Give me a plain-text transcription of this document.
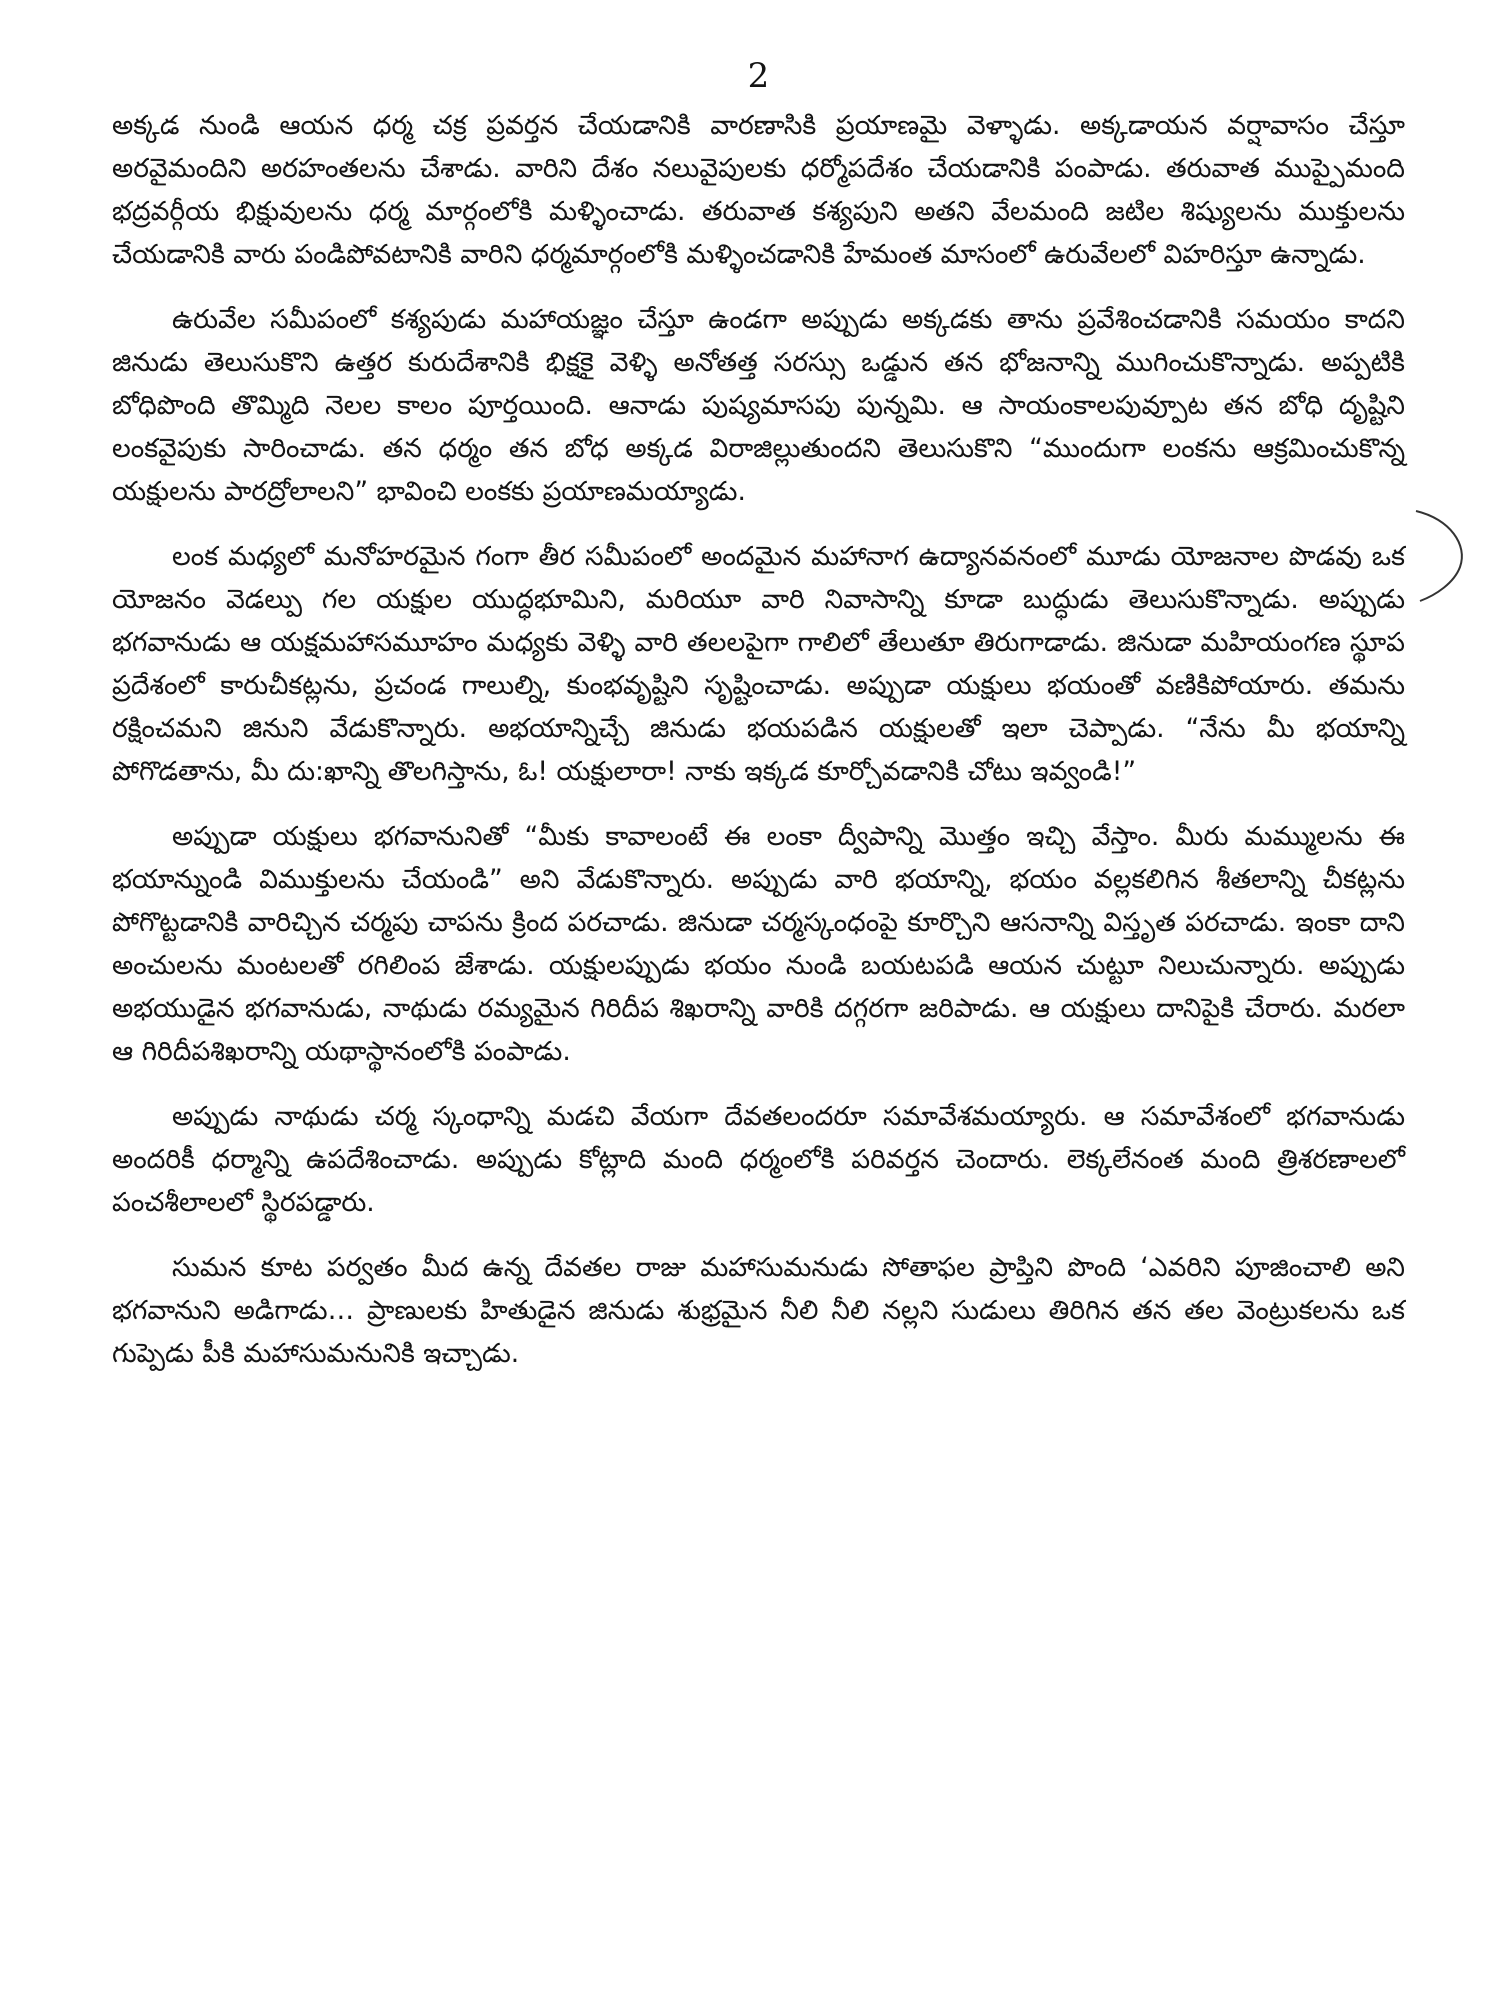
2

అక్కడ నుండి ఆయన ధర్మ చక్ర ప్రవర్తన చేయడానికి వారణాసికి ప్రయాణమై వెళ్ళాడు. అక్కడాయన వర్షావాసం చేస్తూ అరవైమందిని అరహంతలను చేశాడు. వారిని దేశం నలువైపులకు ధర్మోపదేశం చేయడానికి పంపాడు. తరువాత ముప్పైమంది భద్రవర్గీయ భిక్షువులను ధర్మ మార్గంలోకి మళ్ళించాడు. తరువాత కశ్యపుని అతని వేలమంది జటిల శిష్యులను ముక్తులను చేయడానికి వారు పండిపోవటానికి వారిని ధర్మమార్గంలోకి మళ్ళించడానికి హేమంత మాసంలో ఉరువేలలో విహరిస్తూ ఉన్నాడు.

ఉరువేల సమీపంలో కశ్యపుడు మహాయజ్ఞం చేస్తూ ఉండగా అప్పుడు అక్కడకు తాను ప్రవేశించడానికి సమయం కాదని జినుడు తెలుసుకొని ఉత్తర కురుదేశానికి భిక్షకై వెళ్ళి అనోతత్త సరస్సు ఒడ్డున తన భోజనాన్ని ముగించుకొన్నాడు. అప్పటికి బోధిపొంది తొమ్మిది నెలల కాలం పూర్తయింది. ఆనాడు పుష్యమాసపు పున్నమి. ఆ సాయంకాలపువ్పూట తన బోధి దృష్టిని లంకవైపుకు సారించాడు. తన ధర్మం తన బోధ అక్కడ విరాజిల్లుతుందని తెలుసుకొని “ముందుగా లంకను ఆక్రమించుకొన్న యక్షులను పారద్రోలాలని” భావించి లంకకు ప్రయాణమయ్యాడు.

లంక మధ్యలో మనోహరమైన గంగా తీర సమీపంలో అందమైన మహానాగ ఉద్యానవనంలో మూడు యోజనాల పొడవు ఒక యోజనం వెడల్పు గల యక్షుల యుద్ధభూమిని, మరియూ వారి నివాసాన్ని కూడా బుద్ధుడు తెలుసుకొన్నాడు. అప్పుడు భగవానుడు ఆ యక్షమహాసమూహం మధ్యకు వెళ్ళి వారి తలలపైగా గాలిలో తేలుతూ తిరుగాడాడు. జినుడా మహియంగణ స్థూప ప్రదేశంలో కారుచీకట్లను, ప్రచండ గాలుల్ని, కుంభవృష్టిని సృష్టించాడు. అప్పుడా యక్షులు భయంతో వణికిపోయారు. తమను రక్షించమని జినుని వేడుకొన్నారు. అభయాన్నిచ్చే జినుడు భయపడిన యక్షులతో ఇలా చెప్పాడు. “నేను మీ భయాన్ని పోగొడతాను, మీ దు:ఖాన్ని తొలగిస్తాను, ఓ! యక్షులారా! నాకు ఇక్కడ కూర్చోవడానికి చోటు ఇవ్వండి!”

అప్పుడా యక్షులు భగవానునితో “మీకు కావాలంటే ఈ లంకా ద్వీపాన్ని మొత్తం ఇచ్చి వేస్తాం. మీరు మమ్ములను ఈ భయాన్నుండి విముక్తులను చేయండి” అని వేడుకొన్నారు. అప్పుడు వారి భయాన్ని, భయం వల్లకలిగిన శీతలాన్ని చీకట్లను పోగొట్టడానికి వారిచ్చిన చర్మపు చాపను క్రింద పరచాడు. జినుడా చర్మస్కంధంపై కూర్చొని ఆసనాన్ని విస్తృత పరచాడు. ఇంకా దాని అంచులను మంటలతో రగిలింప జేశాడు. యక్షులప్పుడు భయం నుండి బయటపడి ఆయన చుట్టూ నిలుచున్నారు. అప్పుడు అభయుడైన భగవానుడు, నాథుడు రమ్యమైన గిరిదీప శిఖరాన్ని వారికి దగ్గరగా జరిపాడు. ఆ యక్షులు దానిపైకి చేరారు. మరలా ఆ గిరిదీపశిఖరాన్ని యథాస్థానంలోకి పంపాడు.

అప్పుడు నాథుడు చర్మ స్కంధాన్ని మడచి వేయగా దేవతలందరూ సమావేశమయ్యారు. ఆ సమావేశంలో భగవానుడు అందరికీ ధర్మాన్ని ఉపదేశించాడు. అప్పుడు కోట్లాది మంది ధర్మంలోకి పరివర్తన చెందారు. లెక్కలేనంత మంది త్రిశరణాలలో పంచశీలాలలో స్థిరపడ్డారు.

సుమన కూట పర్వతం మీద ఉన్న దేవతల రాజు మహాసుమనుడు సోతాఫల ప్రాప్తిని పొంది ‘ఎవరిని పూజించాలి అని భగవానుని అడిగాడు… ప్రాణులకు హితుడైన జినుడు శుభ్రమైన నీలి నీలి నల్లని సుడులు తిరిగిన తన తల వెంట్రుకలను ఒక గుప్పెడు పీకి మహాసుమనునికి ఇచ్చాడు.
